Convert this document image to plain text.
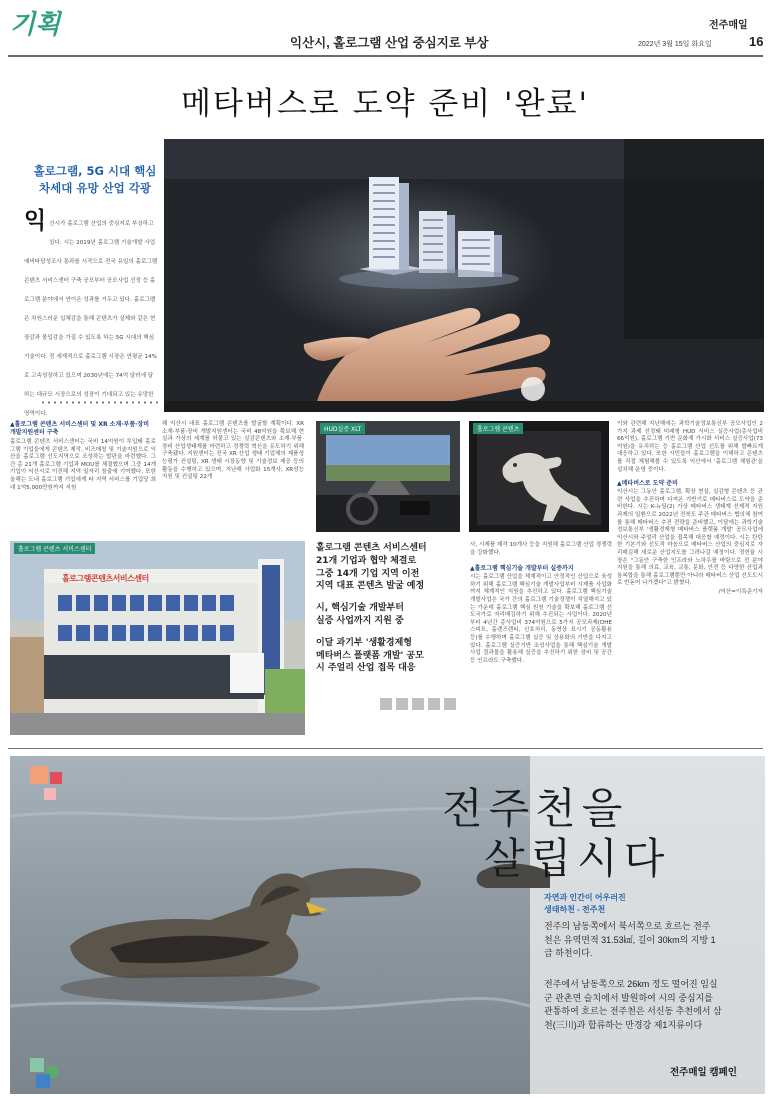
기획
익산시, 홀로그램 산업 중심지로 부상
전주매일
2022년 3월 15일 화요일	16
메타버스로 도약 준비 '완료'
홀로그램, 5G 시대 핵심
차세대 유망 산업 각광
익 산시가 홀로그램 산업의 중심지로 부상하고 있다. 시는 2019년 홀로그램 기술개발 사업 예비타당성조사 통과를 시작으로 전국 유일의 홀로그램 콘텐츠 서비스센터 구축 공모부터 공모사업 선정 등 홀로그램 분야에서 연이은 성과를 거두고 있다. 홀로그램은 차원스러운 입체감을 통해 콘텐츠가 실제와 같은 현장감과 몰입감을 가질 수 있도록 하는 5G 시대의 핵심기술이다. 전 세계적으로 홀로그램 시장은 연평균 14%로 고속성장하고 있으며 2030년에는 74억 달러에 달하는 대규모 시장으로의 성장이 기대되고 있는 유망한 영역이다.
▲홀로그램 콘텐츠 서비스센터 및 XR 소재·부품·장비 개발지원센터 구축
홀로그램 콘텐츠 서비스센터는 국비 14억원이 투입돼 홀로그램 기업들에게 콘텐츠 제작, 비즈매칭 및 기술지원으로 익산을 홀로그램 선도지역으로 조성하는 발판을 마련했다. 그간 총 21개 홀로그램 기업과 MOU를 체결했으며 그중 14개 기업이 익산시로 이전해 지역 일자리 창출에 기여했다. 또한 올해는 도내 홀로그램 기업에게 타 지역 서비스를 기업당 최대 1억5,000만원까지 지원
해 익산시 대표 홀로그램 콘텐츠를 발굴할 계획이다. XR 소재·부품·장비 개발지원센터는 국비 48억원을 확보해 현실과 가상의 세계를 허물고 있는 실감콘텐츠와 소재·부품·장비 산업생태계를 마련하고 경쟁력 혁신을 유도하기 위해 구축됐다. 지원센터는 전국 XR 산업 생태 기업체의 제품성능평가 컨설팅, XR 생태 시장동향 및 기술정보 제공 등의 활동을 수행하고 있으며, 지난해 사업화 15개사, XR성능지원 및 컨설팅 22개
홀로그램콘텐츠서비스센터
홀로그램 콘텐츠 서비스센터
HUD실증 XLT	홀로그램 콘텐츠
홀로그램 콘텐츠 서비스센터
21개 기업과 협약 체결로
그중 14개 기업 지역 이전
지역 대표 콘텐츠 발굴 예정
시, 핵심기술 개발부터
실증 사업까지 지원 중
이달 과기부 '생활경제형
메타버스 플랫폼 개발' 공모
시 주얼리 산업 접목 대응
사, 시제품 제작 10개사 등을 지원해 홀로그램 산업 경쟁력을 강화했다.
▲홀로그램 핵심기술 개발부터 실증까지
시는 홀로그램 산업을 체계적이고 안정적인 산업으로 육성하기 위해 홀로그램 핵심기술 개발사업부터 시제품 사업화까지 체계적인 지원을 추진하고 있다. 홀로그램 핵심기술 개발사업은 국가 간의 홀로그램 기술경쟁이 치열해지고 있는 가운데 홀로그램 핵심 원천 기술을 확보해 홀로그램 선도국가로 자리매김하기 위해 추진되는 사업이다. 2020년부터 4년간 총사업비 374억원으로 5가지 공모과제(DHE스피트, 홀렌즈렌티, 신호처리, 동영상 표시기 공동활용 등)를 수행하며 홀로그램 실증 및 상용화의 기반을 다지고 있다. 홀로그램 실증기반 조성사업을 통해 핵심기술 개발사업 결과물을 활용해 실증을 추진하기 위한 장비 및 공간 등 인프라도 구축했다.
이와 관련해 지난해에는 과학기술정보통신부 공모사업인 2가지 과제 선정돼 미래형 HUD 서비스 실증사업(총사업비 66억원), 홀로그램 기반 문화재 가시화 서비스 실증사업(73억원)을 유치하는 등 홀로그램 산업 선도를 위해 발빠르게 대응하고 있다. 또한 시민들이 홀로그램을 이해하고 콘텐츠를 직접 체험해볼 수 있도록 익산에서 '홀로그램 체험관'을 설치해 운영 중이다.
▲메타버스로 도약 준비
익산시는 그동안 홀로그램, 확장 현실, 실감형 콘텐츠 등 관련 사업을 추진하며 다져온 기반기로 메타버스로 도약을 준비한다. 시는 K-뉴딜(2) 가상 메타버스 생태계 선제적 지원 과제의 일환으로 2022년 전북도 주관 메타버스 협의체 참여를 통해 메타버스 추진 전략을 준비했고, 이달에는 과학기술정보통신부 '생활경제형 메타버스 플랫폼 개발' 공모사업에 익산시와 주얼리 산업을 접목해 대응할 예정이다. 시는 탄탄한 기본기와 선도적 마음으로 메타버스 산업의 중심지로 자리매김해 새로운 산업지도를 그려나갈 예정이다. 정헌율 시장은 "그동안 구축한 인프라와 노하우를 바탕으로 전 분야 지원을 통해 의료, 교육, 교통, 문화, 안전 등 다양한 산업과 융복합을 통해 홀로그램뿐만 아니라 메타버스 산업 선도도시로 반돋어 나가겠다"고 밝혔다.
/익산=이특준기자
전주천을
살립시다
자연과 인간이 어우러진
생태하천 - 전주천
전주의 남동쪽에서 북서쪽으로 흐르는 전주천은 유역면적 31.53㎢, 길이 30km의 지방 1급 하천이다.
전주에서 남동쪽으로 26km 정도 떨어진 임실군 관촌면 슬치에서 발원하여 시의 중심지를 관통하여 흐르는 전주천은 서신동 추천에서 삼천(三川)과 합류하는 만경강 제1지류이다
전주매일 캠페인
